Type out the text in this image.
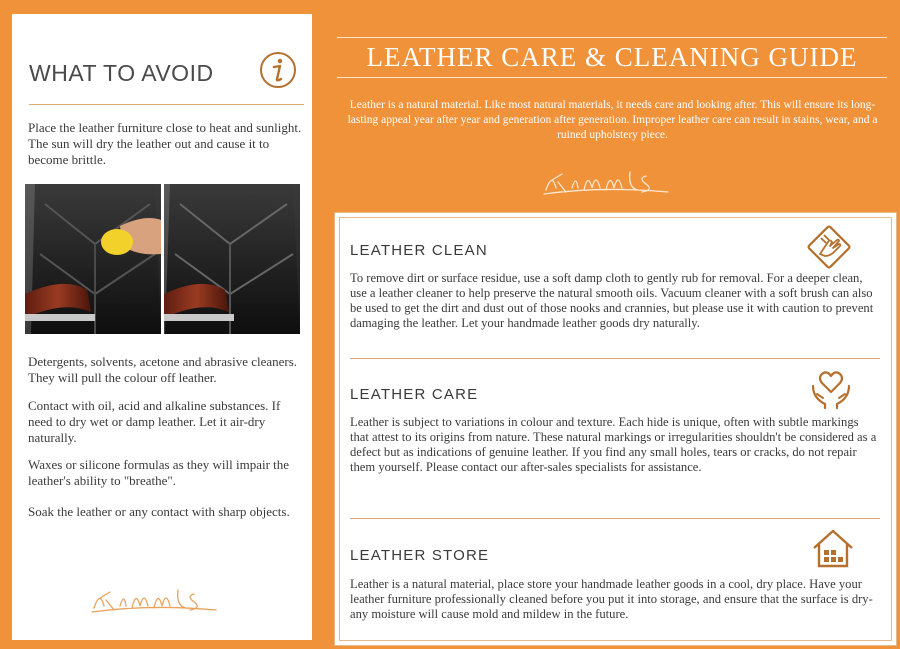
WHAT TO AVOID
Place the leather furniture close to heat and sunlight. The sun will dry the leather out and cause it to become brittle.
Detergents, solvents, acetone and abrasive cleaners. They will pull the colour off leather.
Contact with oil, acid and alkaline substances. If need to dry wet or damp leather. Let it air-dry naturally.
Waxes or silicone formulas as they will impair the leather's ability to "breathe".
Soak the leather or any contact with sharp objects.
LEATHER CARE & CLEANING GUIDE
Leather is a natural material. Like most natural materials, it needs care and looking after. This will ensure its long-lasting appeal year after year and generation after generation. Improper leather care can result in stains, wear, and a ruined upholstery piece.
LEATHER CLEAN
To remove dirt or surface residue, use a soft damp cloth to gently rub for removal. For a deeper clean, use a leather cleaner to help preserve the natural smooth oils. Vacuum cleaner with a soft brush can also be used to get the dirt and dust out of those nooks and crannies, but please use it with caution to prevent damaging the leather. Let your handmade leather goods dry naturally.
LEATHER CARE
Leather is subject to variations in colour and texture. Each hide is unique, often with subtle markings that attest to its origins from nature. These natural markings or irregularities shouldn't be considered as a defect but as indications of genuine leather. If you find any small holes, tears or cracks, do not repair them yourself. Please contact our after-sales specialists for assistance.
LEATHER STORE
Leather is a natural material, place store your handmade leather goods in a cool, dry place. Have your leather furniture professionally cleaned before you put it into storage, and ensure that the surface is dry-any moisture will cause mold and mildew in the future.
